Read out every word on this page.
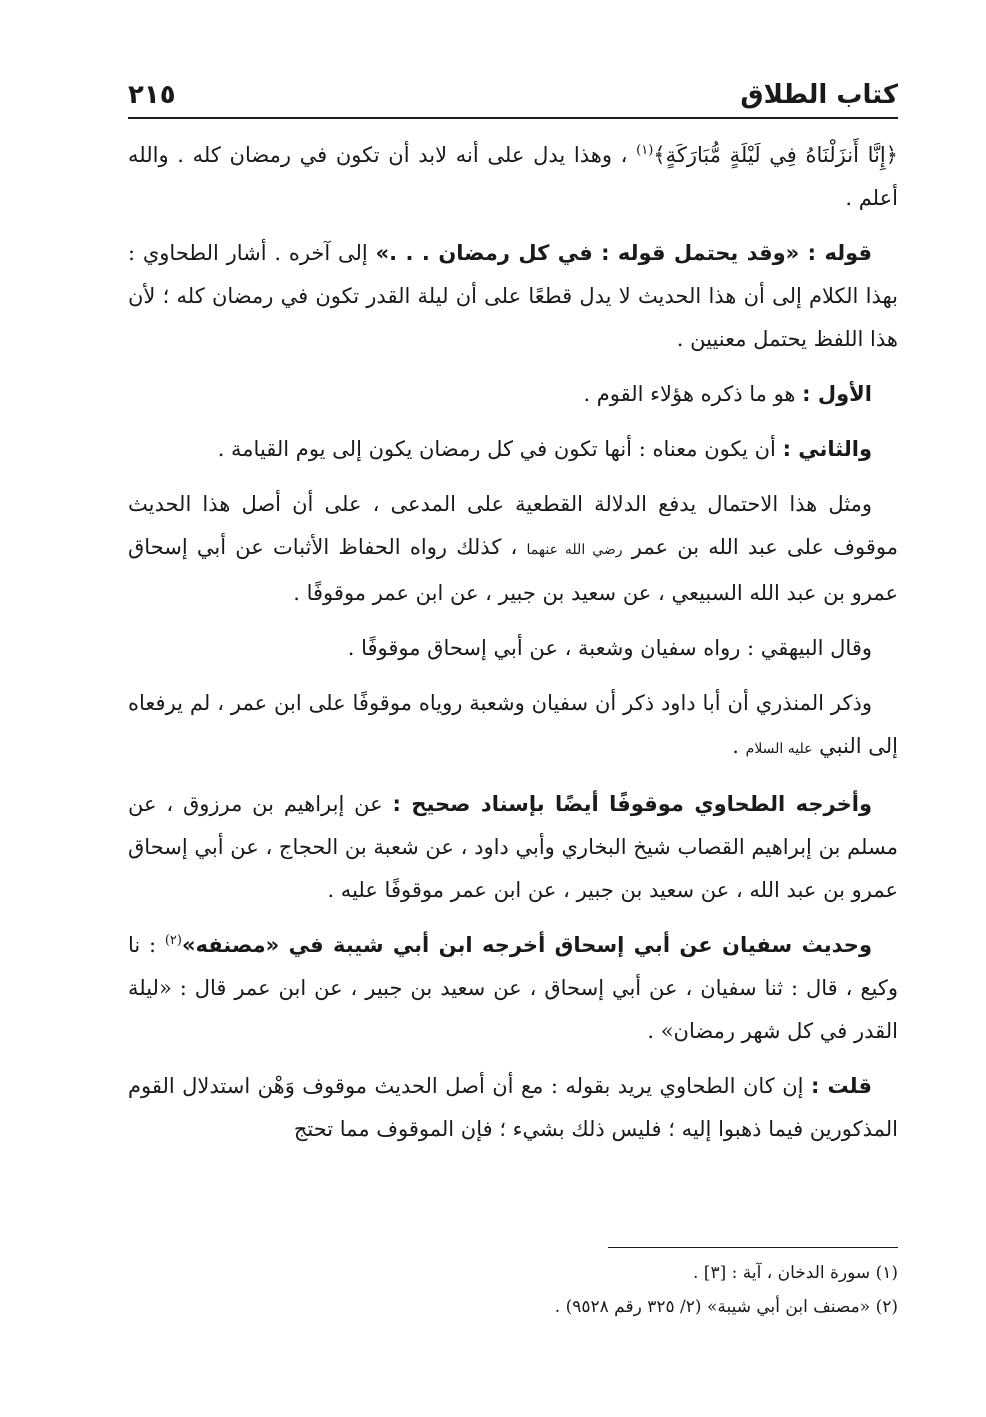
كتاب الطلاق
٢١٥

﴿إِنَّا أَنزَلْنَاهُ فِي لَيْلَةٍ مُّبَارَكَةٍ﴾$^{(١)}$ ، وهذا يدل على أنه لابد أن تكون في رمضان كله . والله أعلم .

قوله : «وقد يحتمل قوله : في كل رمضان . . .» إلى آخره . أشار الطحاوي : بهذا الكلام إلى أن هذا الحديث لا يدل قطعًا على أن ليلة القدر تكون في رمضان كله ؛ لأن هذا اللفظ يحتمل معنيين .

الأول : هو ما ذكره هؤلاء القوم .

والثاني : أن يكون معناه : أنها تكون في كل رمضان يكون إلى يوم القيامة .

ومثل هذا الاحتمال يدفع الدلالة القطعية على المدعى ، على أن أصل هذا الحديث موقوف على عبد الله بن عمر رضي الله عنهما ، كذلك رواه الحفاظ الأثبات عن أبي إسحاق عمرو بن عبد الله السبيعي ، عن سعيد بن جبير ، عن ابن عمر موقوفًا .

وقال البيهقي : رواه سفيان وشعبة ، عن أبي إسحاق موقوفًا .

وذكر المنذري أن أبا داود ذكر أن سفيان وشعبة روياه موقوفًا على ابن عمر ، لم يرفعاه إلى النبي عليه السلام .

وأخرجه الطحاوي موقوفًا أيضًا بإسناد صحيح : عن إبراهيم بن مرزوق ، عن مسلم بن إبراهيم القصاب شيخ البخاري وأبي داود ، عن شعبة بن الحجاج ، عن أبي إسحاق عمرو بن عبد الله ، عن سعيد بن جبير ، عن ابن عمر موقوفًا عليه .

وحديث سفيان عن أبي إسحاق أخرجه ابن أبي شيبة في «مصنفه»$^{(٢)}$ : نا وكيع ، قال : ثنا سفيان ، عن أبي إسحاق ، عن سعيد بن جبير ، عن ابن عمر قال : «ليلة القدر في كل شهر رمضان» .

قلت : إن كان الطحاوي يريد بقوله : مع أن أصل الحديث موقوف وَهْن استدلال القوم المذكورين فيما ذهبوا إليه ؛ فليس ذلك بشيء ؛ فإن الموقوف مما تحتج

(١) سورة الدخان ، آية : [٣] .

(٢) «مصنف ابن أبي شيبة» (٢/ ٣٢٥ رقم ٩٥٢٨) .
